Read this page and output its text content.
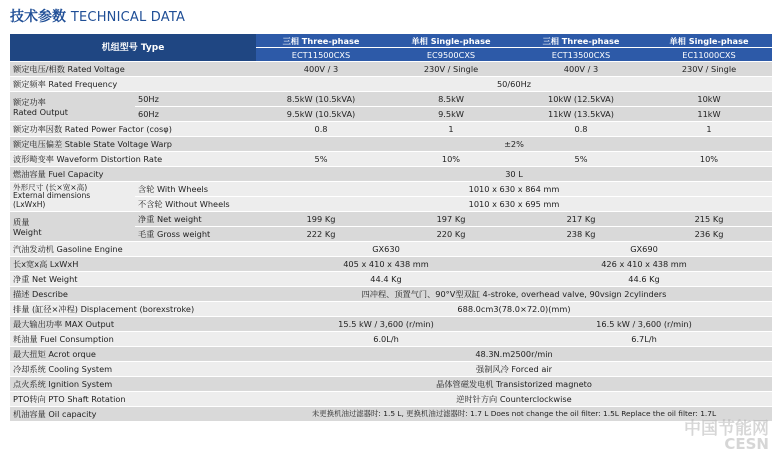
技术参数 TECHNICAL DATA
机组型号 Type		三相 Three-phase	单相 Single-phase	三相 Three-phase	单相 Single-phase
		ECT11500CXS	EC9500CXS	ECT13500CXS	EC11000CXS
额定电压/相数 Rated Voltage		400V / 3	230V / Single	400V / 3	230V / Single
额定频率 Rated Frequency		50/60Hz			
额定功率
Rated Output	50Hz	8.5kW (10.5kVA)	8.5kW	10kW (12.5kVA)	10kW
	60Hz	9.5kW (10.5kVA)	9.5kW	11kW (13.5kVA)	11kW
额定功率因数 Rated Power Factor (cosφ)		0.8	1	0.8	1
额定电压偏差 Stable State Voltage Warp		±2%			
波形畸变率 Waveform Distortion Rate		5%	10%	5%	10%
燃油容量 Fuel Capacity		30 L			
外形尺寸 (长×宽×高)
External dimensions
(LxWxH)	含轮 With Wheels	1010 x 630 x 864 mm			
	不含轮 Without Wheels	1010 x 630 x 695 mm			
质量
Weight	净重 Net weight	199 Kg	197 Kg	217 Kg	215 Kg
	毛重 Gross weight	222 Kg	220 Kg	238 Kg	236 Kg
汽油发动机 Gasoline Engine		GX630		GX690	
长x宽x高 LxWxH		405 x 410 x 438 mm		426 x 410 x 438 mm	
净重 Net Weight		44.4 Kg		44.6 Kg	
描述 Describe		四冲程、顶置气门、90°V型双缸 4-stroke, overhead valve, 90vsign 2cylinders			
排量 (缸径×冲程) Displacement (borexstroke)		688.0cm3(78.0×72.0)(mm)			
最大输出功率 MAX Output		15.5 kW / 3,600 (r/min)		16.5 kW / 3,600 (r/min)	
耗油量 Fuel Consumption		6.0L/h		6.7L/h	
最大扭矩 Acrot orque		48.3N.m2500r/min			
冷却系统 Cooling System		强制风冷 Forced air			
点火系统 Ignition System		晶体管磁发电机 Transistorized magneto			
PTO转向 PTO Shaft Rotation		逆时针方向 Counterclockwise			
机油容量 Oil capacity		未更换机油过滤器时: 1.5 L, 更换机油过滤器时: 1.7 L Does not change the oil filter: 1.5L Replace the oil filter: 1.7L			
中国节能网
CESN
